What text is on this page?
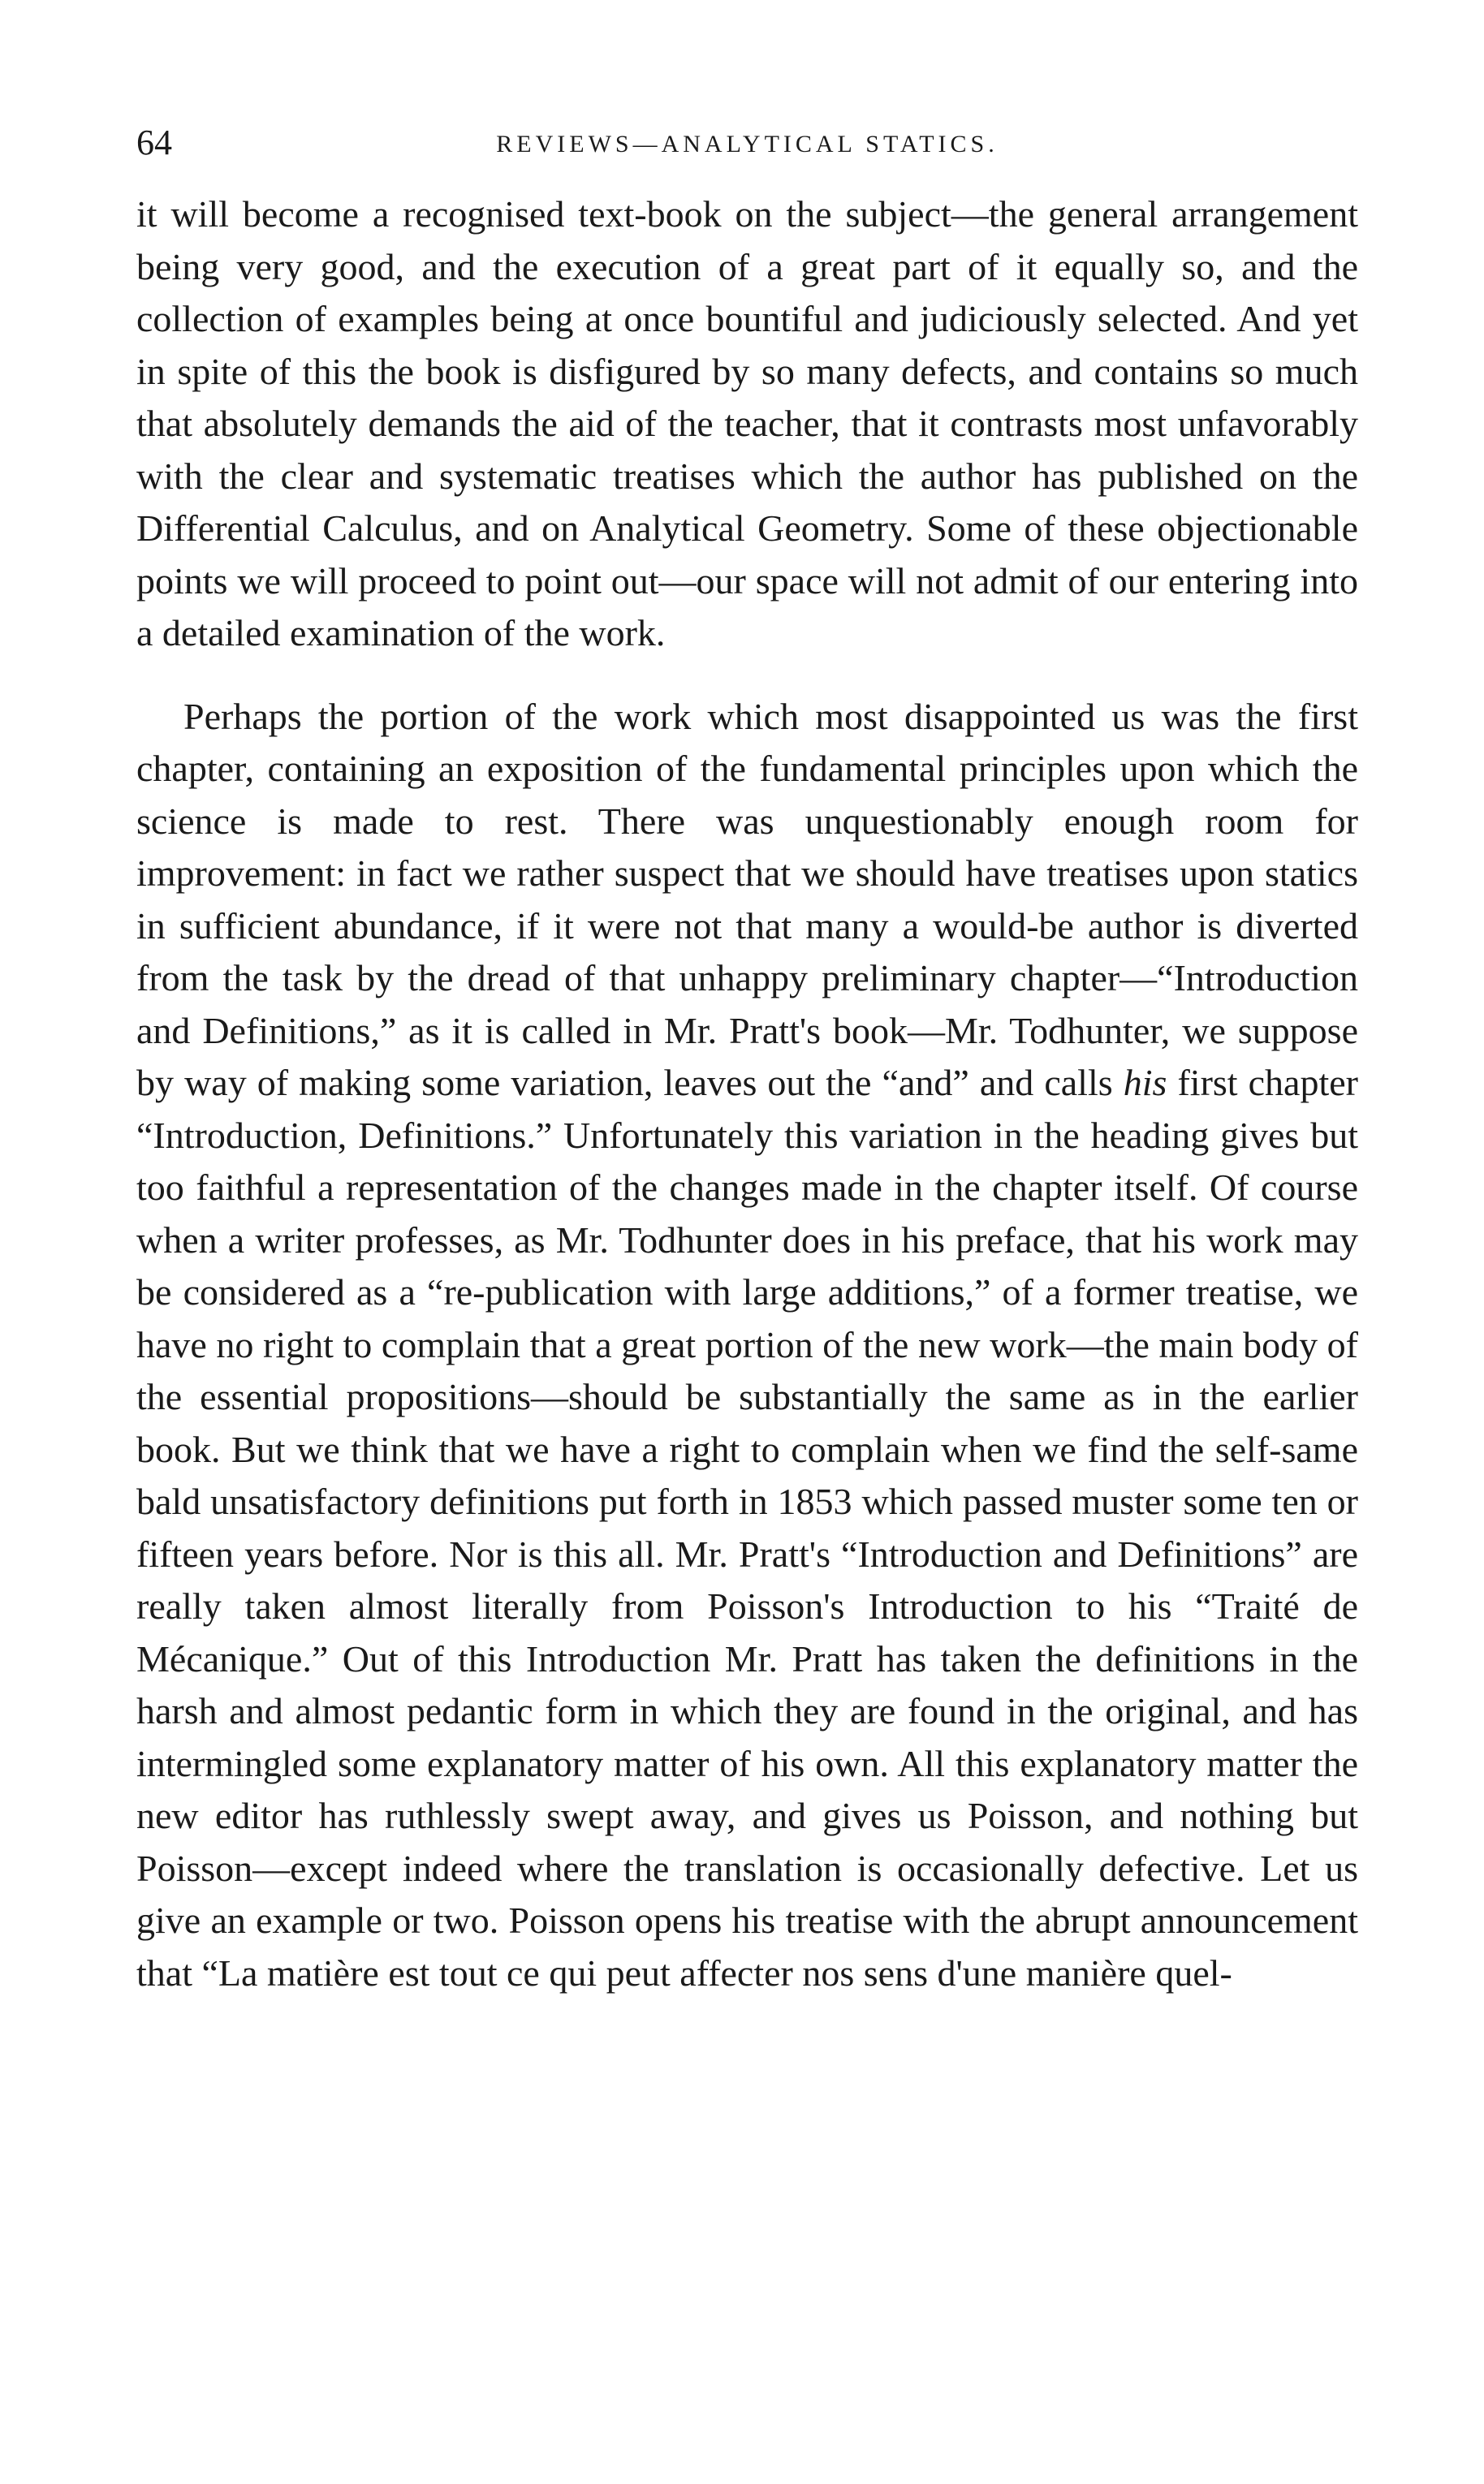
64	REVIEWS—ANALYTICAL STATICS.

it will become a recognised text-book on the subject—the general arrangement being very good, and the execution of a great part of it equally so, and the collection of examples being at once bountiful and judiciously selected. And yet in spite of this the book is disfigured by so many defects, and contains so much that absolutely demands the aid of the teacher, that it contrasts most unfavorably with the clear and systematic treatises which the author has published on the Differential Calculus, and on Analytical Geometry. Some of these objectionable points we will proceed to point out—our space will not admit of our entering into a detailed examination of the work.

Perhaps the portion of the work which most disappointed us was the first chapter, containing an exposition of the fundamental principles upon which the science is made to rest. There was unquestionably enough room for improvement: in fact we rather suspect that we should have treatises upon statics in sufficient abundance, if it were not that many a would-be author is diverted from the task by the dread of that unhappy preliminary chapter—“Introduction and Definitions,” as it is called in Mr. Pratt's book—Mr. Todhunter, we suppose by way of making some variation, leaves out the “and” and calls his first chapter “Introduction, Definitions.” Unfortunately this variation in the heading gives but too faithful a representation of the changes made in the chapter itself. Of course when a writer professes, as Mr. Todhunter does in his preface, that his work may be considered as a “re-publication with large additions,” of a former treatise, we have no right to complain that a great portion of the new work—the main body of the essential propositions—should be substantially the same as in the earlier book. But we think that we have a right to complain when we find the self-same bald unsatisfactory definitions put forth in 1853 which passed muster some ten or fifteen years before. Nor is this all. Mr. Pratt's “Introduction and Definitions” are really taken almost literally from Poisson's Introduction to his “Traité de Mécanique.” Out of this Introduction Mr. Pratt has taken the definitions in the harsh and almost pedantic form in which they are found in the original, and has intermingled some explanatory matter of his own. All this explanatory matter the new editor has ruthlessly swept away, and gives us Poisson, and nothing but Poisson—except indeed where the translation is occasionally defective. Let us give an example or two. Poisson opens his treatise with the abrupt announcement that “La matière est tout ce qui peut affecter nos sens d'une manière quel-
